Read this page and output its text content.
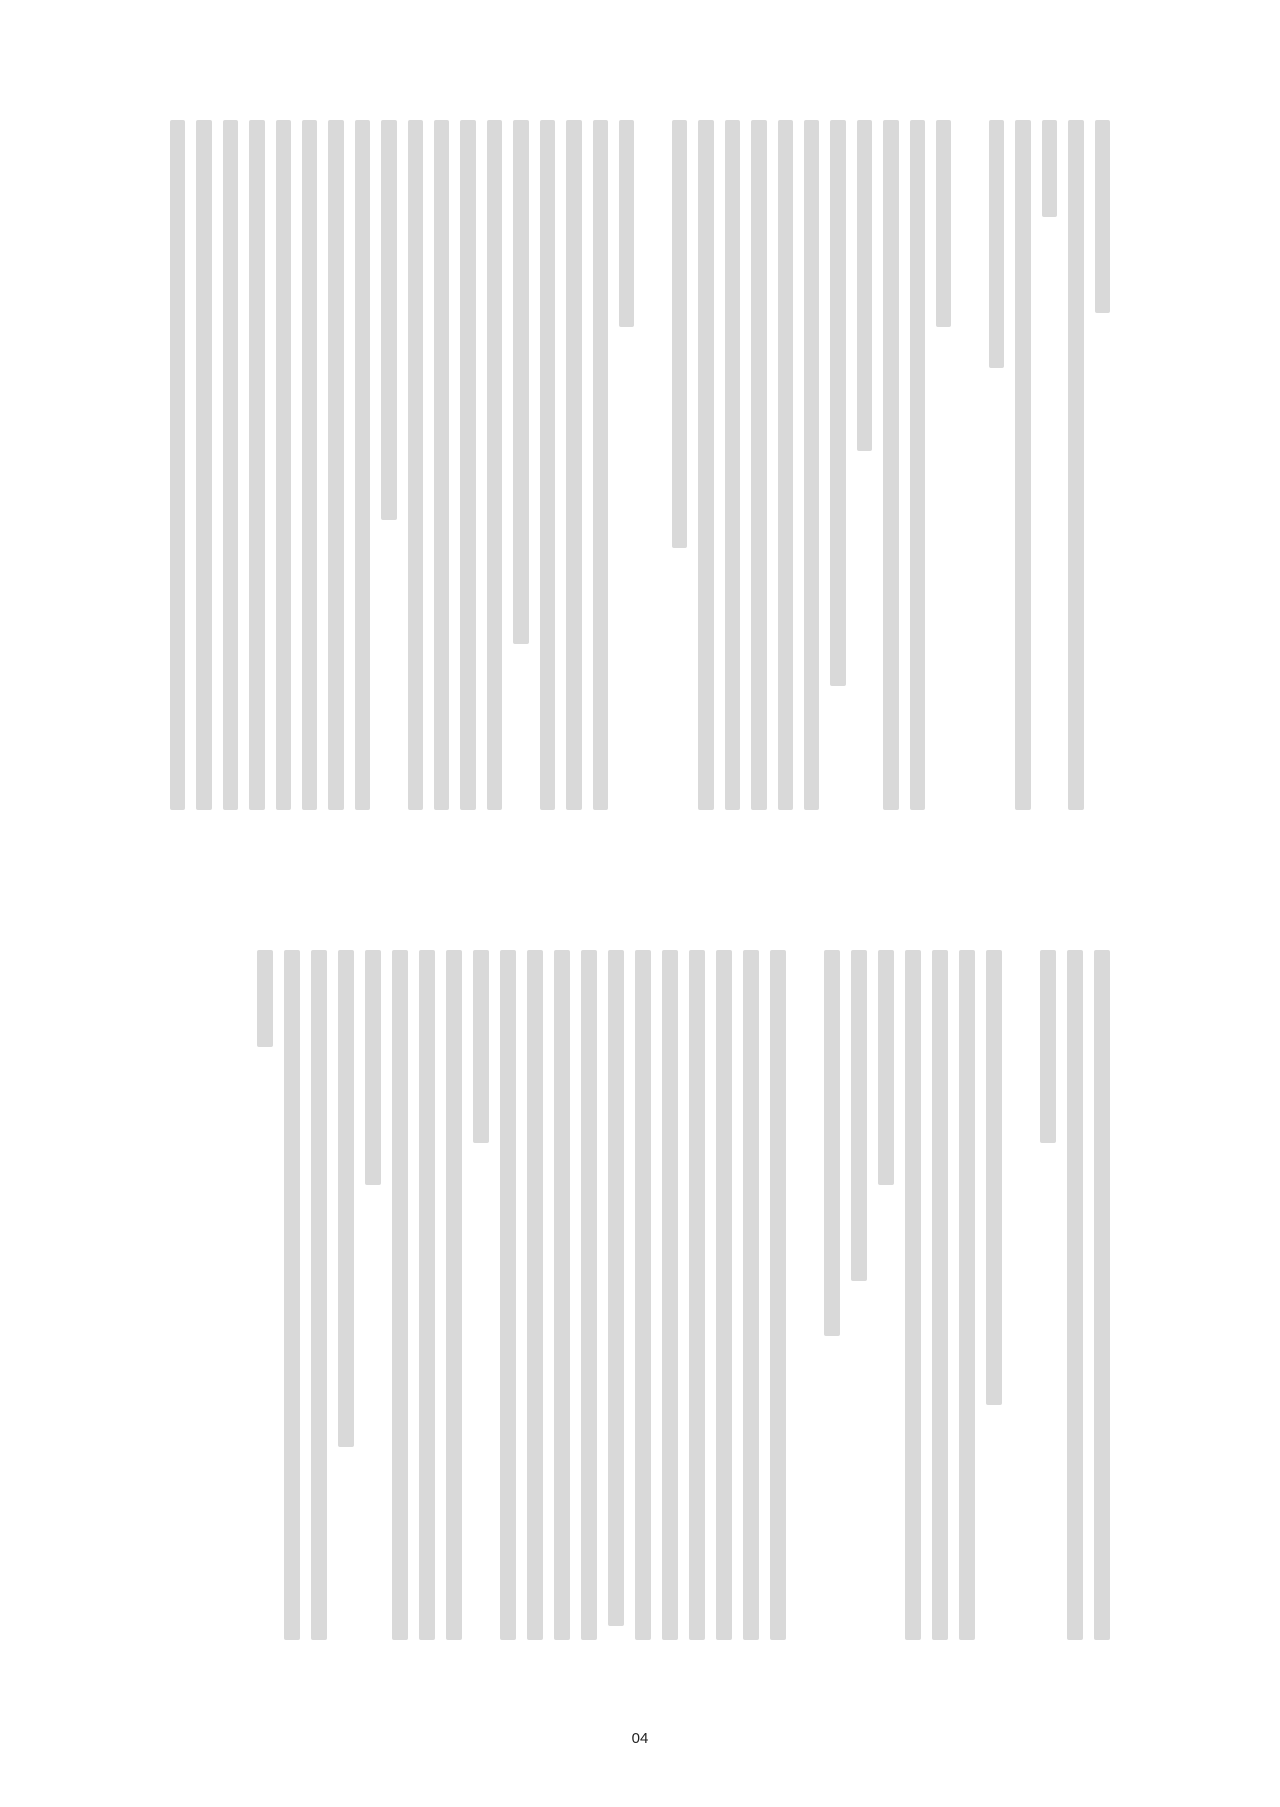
04
